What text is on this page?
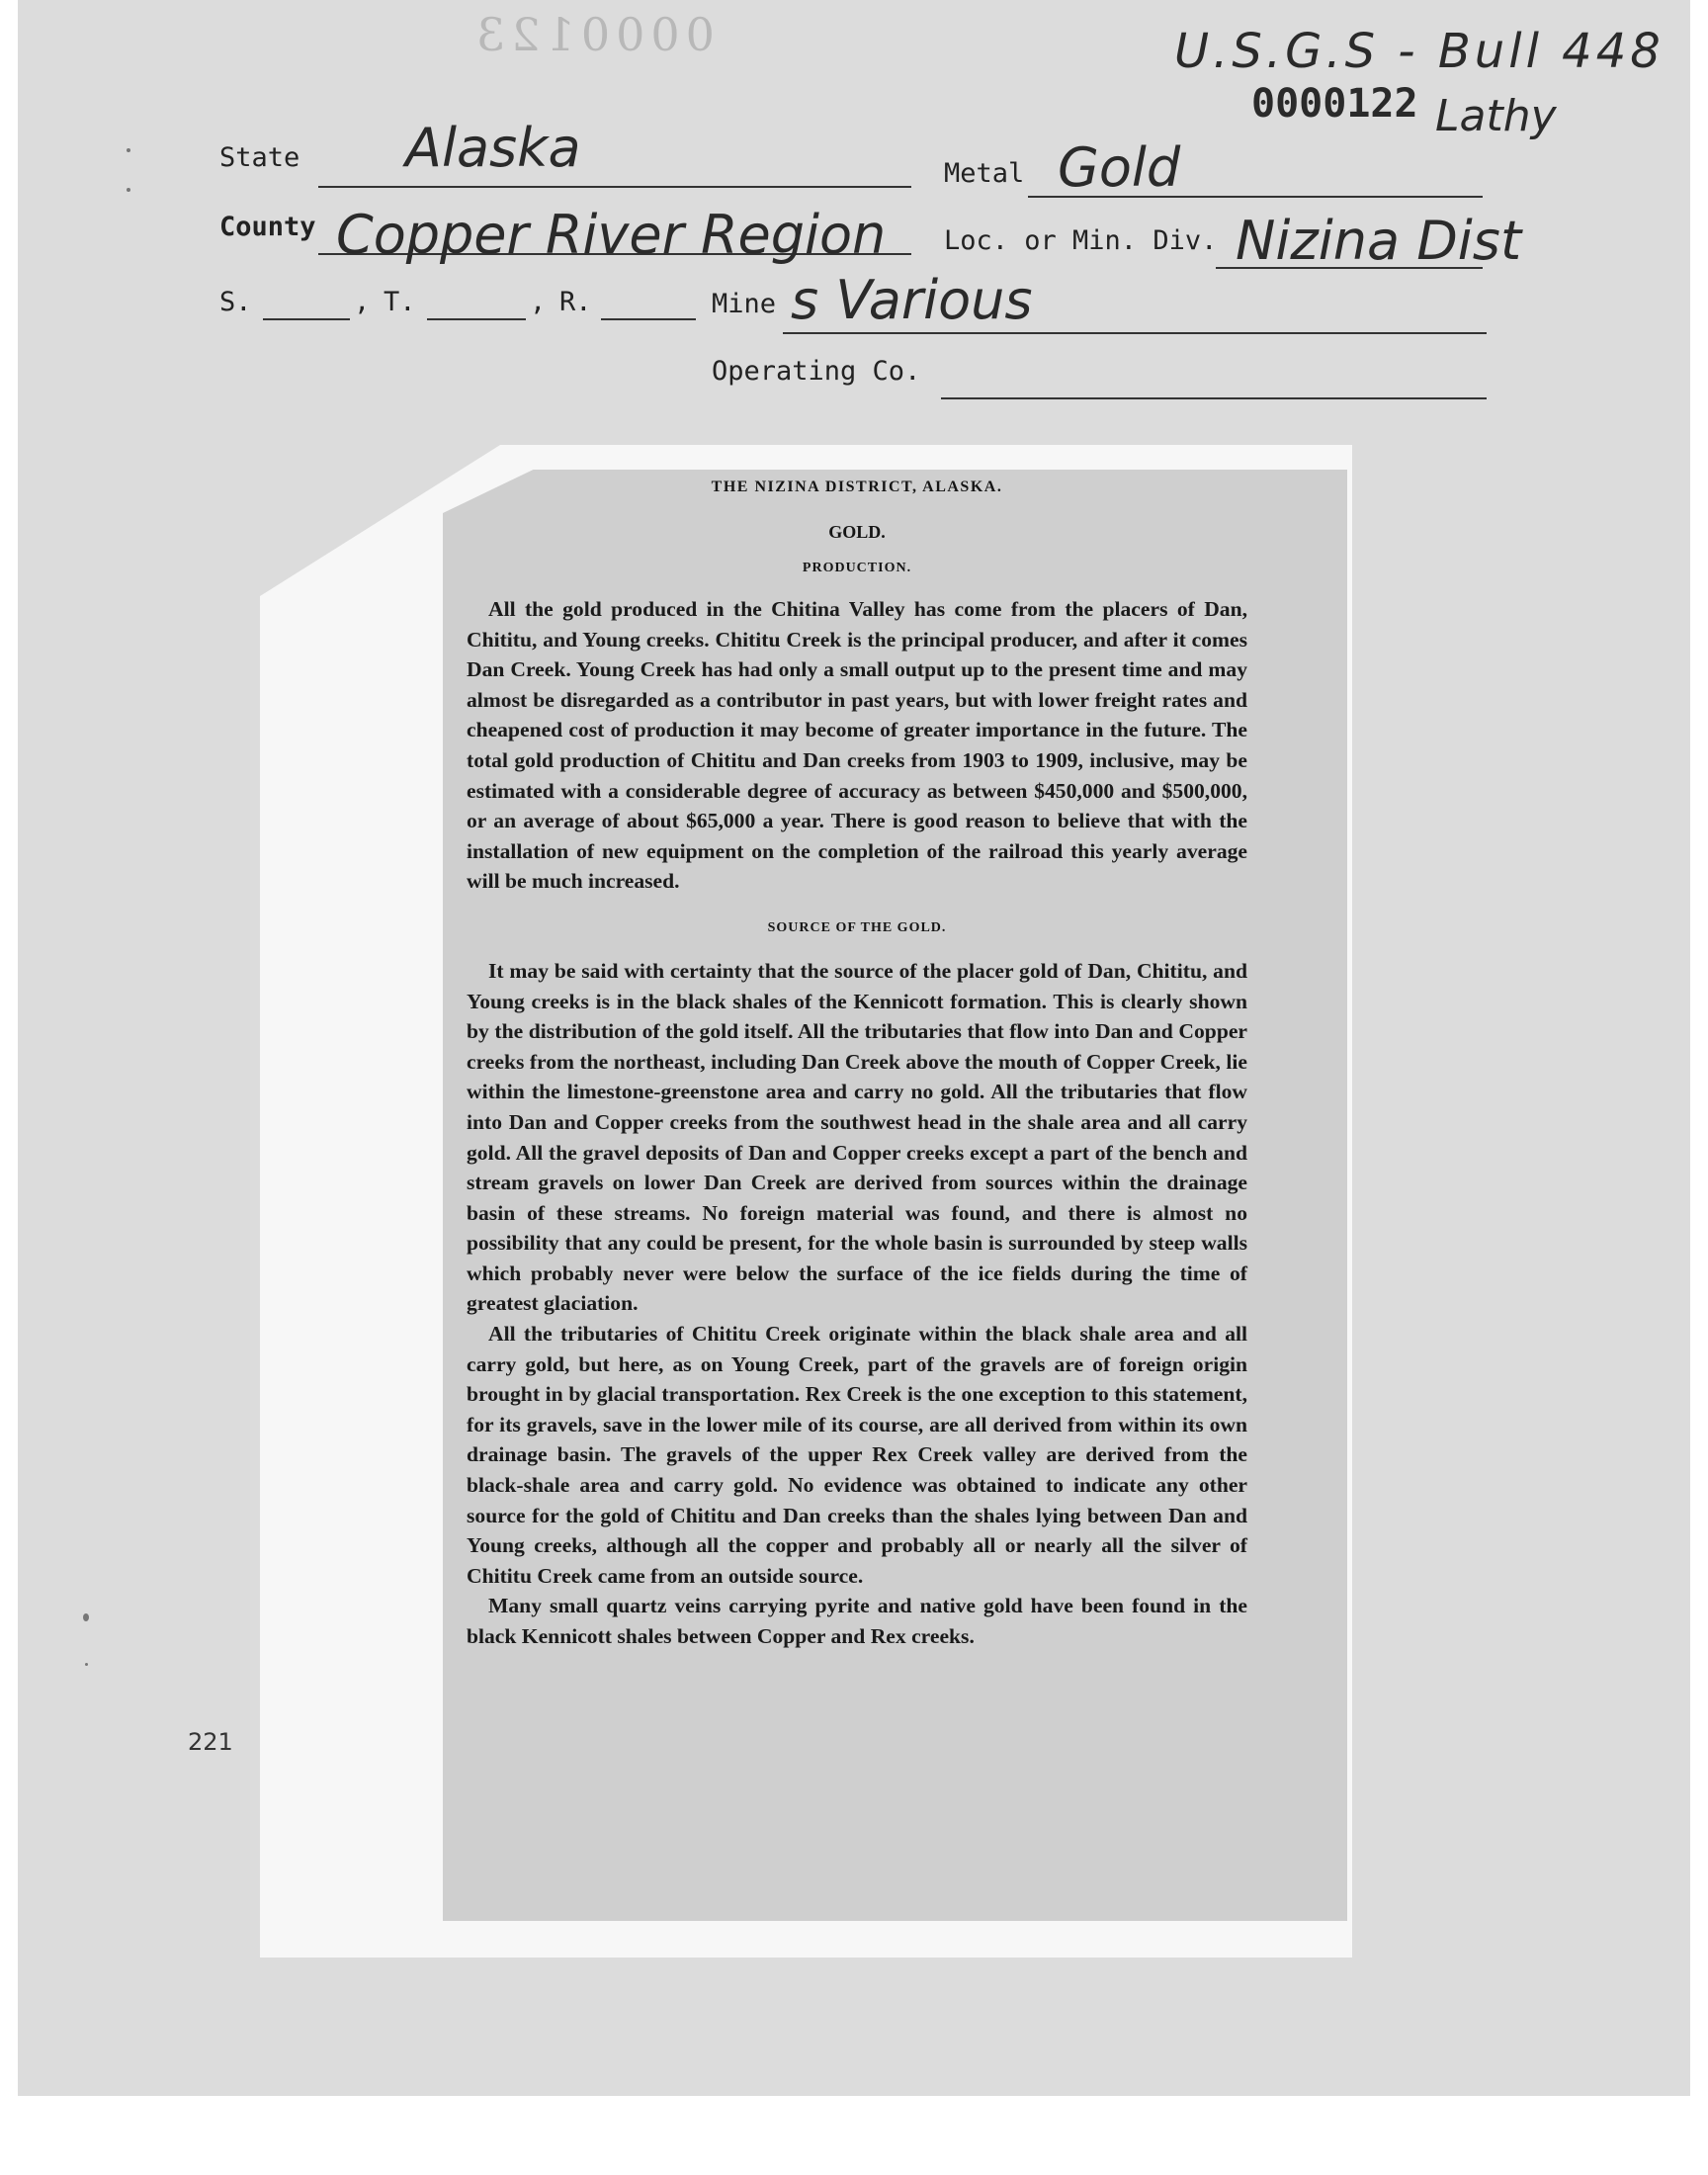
0000123	U.S.G.S - Bull 448
0000122 Lathy
State Alaska	Metal Gold
County Copper River Region Loc. or Min. Div. Nizina Dist
S.	, T.	, R.	Mine s Various
Operating Co.
221
THE NIZINA DISTRICT, ALASKA.
GOLD.
PRODUCTION.

All the gold produced in the Chitina Valley has come from the placers of Dan, Chititu, and Young creeks. Chititu Creek is the principal producer, and after it comes Dan Creek. Young Creek has had only a small output up to the present time and may almost be disregarded as a contributor in past years, but with lower freight rates and cheapened cost of production it may become of greater importance in the future. The total gold production of Chititu and Dan creeks from 1903 to 1909, inclusive, may be estimated with a considerable degree of accuracy as between $450,000 and $500,000, or an average of about $65,000 a year. There is good reason to believe that with the installation of new equipment on the completion of the railroad this yearly average will be much increased.

SOURCE OF THE GOLD.

It may be said with certainty that the source of the placer gold of Dan, Chititu, and Young creeks is in the black shales of the Kennicott formation. This is clearly shown by the distribution of the gold itself. All the tributaries that flow into Dan and Copper creeks from the northeast, including Dan Creek above the mouth of Copper Creek, lie within the limestone-greenstone area and carry no gold. All the tributaries that flow into Dan and Copper creeks from the southwest head in the shale area and all carry gold. All the gravel deposits of Dan and Copper creeks except a part of the bench and stream gravels on lower Dan Creek are derived from sources within the drainage basin of these streams. No foreign material was found, and there is almost no possibility that any could be present, for the whole basin is surrounded by steep walls which probably never were below the surface of the ice fields during the time of greatest glaciation.

All the tributaries of Chititu Creek originate within the black shale area and all carry gold, but here, as on Young Creek, part of the gravels are of foreign origin brought in by glacial transportation. Rex Creek is the one exception to this statement, for its gravels, save in the lower mile of its course, are all derived from within its own drainage basin. The gravels of the upper Rex Creek valley are derived from the black-shale area and carry gold. No evidence was obtained to indicate any other source for the gold of Chititu and Dan creeks than the shales lying between Dan and Young creeks, although all the copper and probably all or nearly all the silver of Chititu Creek came from an outside source.

Many small quartz veins carrying pyrite and native gold have been found in the black Kennicott shales between Copper and Rex creeks.
